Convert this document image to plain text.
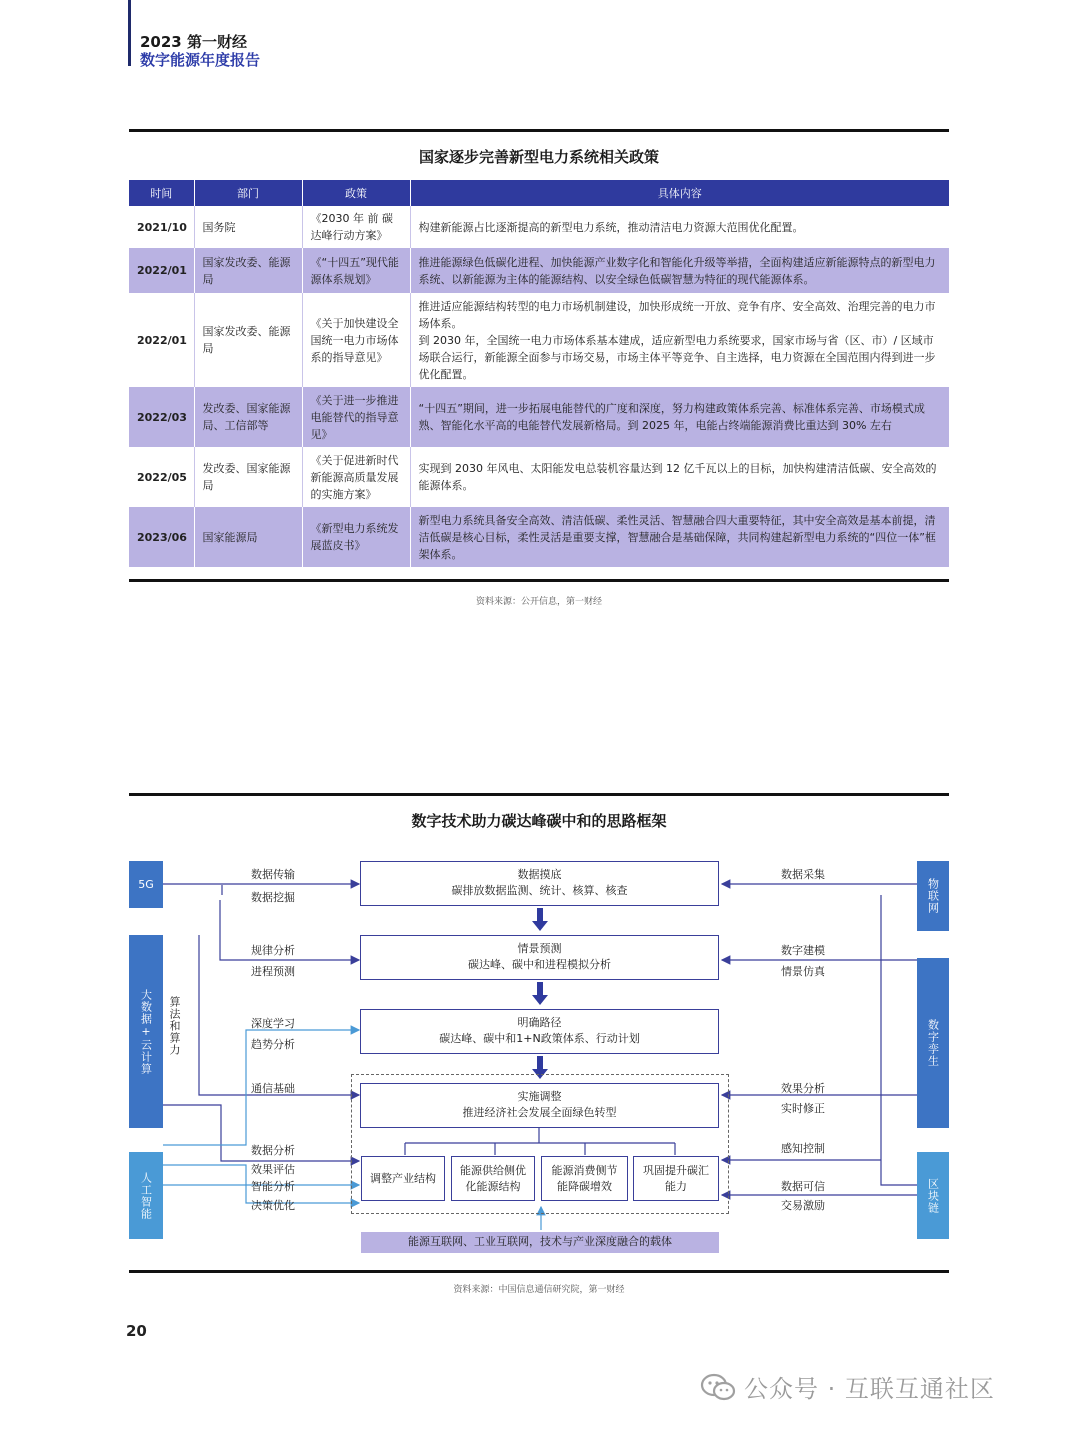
2023 第一财经
数字能源年度报告
国家逐步完善新型电力系统相关政策
时间	部门	政策	具体内容
2021/10	国务院	《2030 年 前 碳达峰行动方案》	构建新能源占比逐渐提高的新型电力系统，推动清洁电力资源大范围优化配置。
2022/01	国家发改委、能源局	《“十四五”现代能源体系规划》	推进能源绿色低碳化进程、加快能源产业数字化和智能化升级等举措，全面构建适应新能源特点的新型电力系统、以新能源为主体的能源结构、以安全绿色低碳智慧为特征的现代能源体系。
2022/01	国家发改委、能源局	《关于加快建设全国统一电力市场体系的指导意见》	推进适应能源结构转型的电力市场机制建设，加快形成统一开放、竞争有序、安全高效、治理完善的电力市场体系。
到 2030 年，全国统一电力市场体系基本建成，适应新型电力系统要求，国家市场与省（区、市）/ 区域市场联合运行，新能源全面参与市场交易，市场主体平等竞争、自主选择，电力资源在全国范围内得到进一步优化配置。

2022/03	发改委、国家能源局、工信部等	《关于进一步推进电能替代的指导意见》	“十四五”期间，进一步拓展电能替代的广度和深度，努力构建政策体系完善、标准体系完善、市场模式成熟、智能化水平高的电能替代发展新格局。到 2025 年，电能占终端能源消费比重达到 30% 左右
2022/05	发改委、国家能源局	《关于促进新时代新能源高质量发展的实施方案》	实现到 2030 年风电、太阳能发电总装机容量达到 12 亿千瓦以上的目标，加快构建清洁低碳、安全高效的能源体系。
2023/06	国家能源局	《新型电力系统发展蓝皮书》	新型电力系统具备安全高效、清洁低碳、柔性灵活、智慧融合四大重要特征，其中安全高效是基本前提，清洁低碳是核心目标，柔性灵活是重要支撑，智慧融合是基础保障，共同构建起新型电力系统的“四位一体”框架体系。
资料来源：公开信息，第一财经
数字技术助力碳达峰碳中和的思路框架
5G
大数据+云计算
人工智能
算法和算力
物联网
数字孪生
区块链
数据摸底
碳排放数据监测、统计、核算、核查
情景预测
碳达峰、碳中和进程模拟分析
明确路径
碳达峰、碳中和1+N政策体系、行动计划
实施调整
推进经济社会发展全面绿色转型
调整产业结构
能源供给侧优化能源结构
能源消费侧节能降碳增效
巩固提升碳汇能力
能源互联网、工业互联网，技术与产业深度融合的载体
数据传输
数据挖掘
规律分析
进程预测
深度学习
趋势分析
通信基础
数据分析
效果评估
智能分析
决策优化
数据采集
数字建模
情景仿真
效果分析
实时修正
感知控制
数据可信
交易激励
资料来源：中国信息通信研究院，第一财经
20
公众号 · 互联互通社区
